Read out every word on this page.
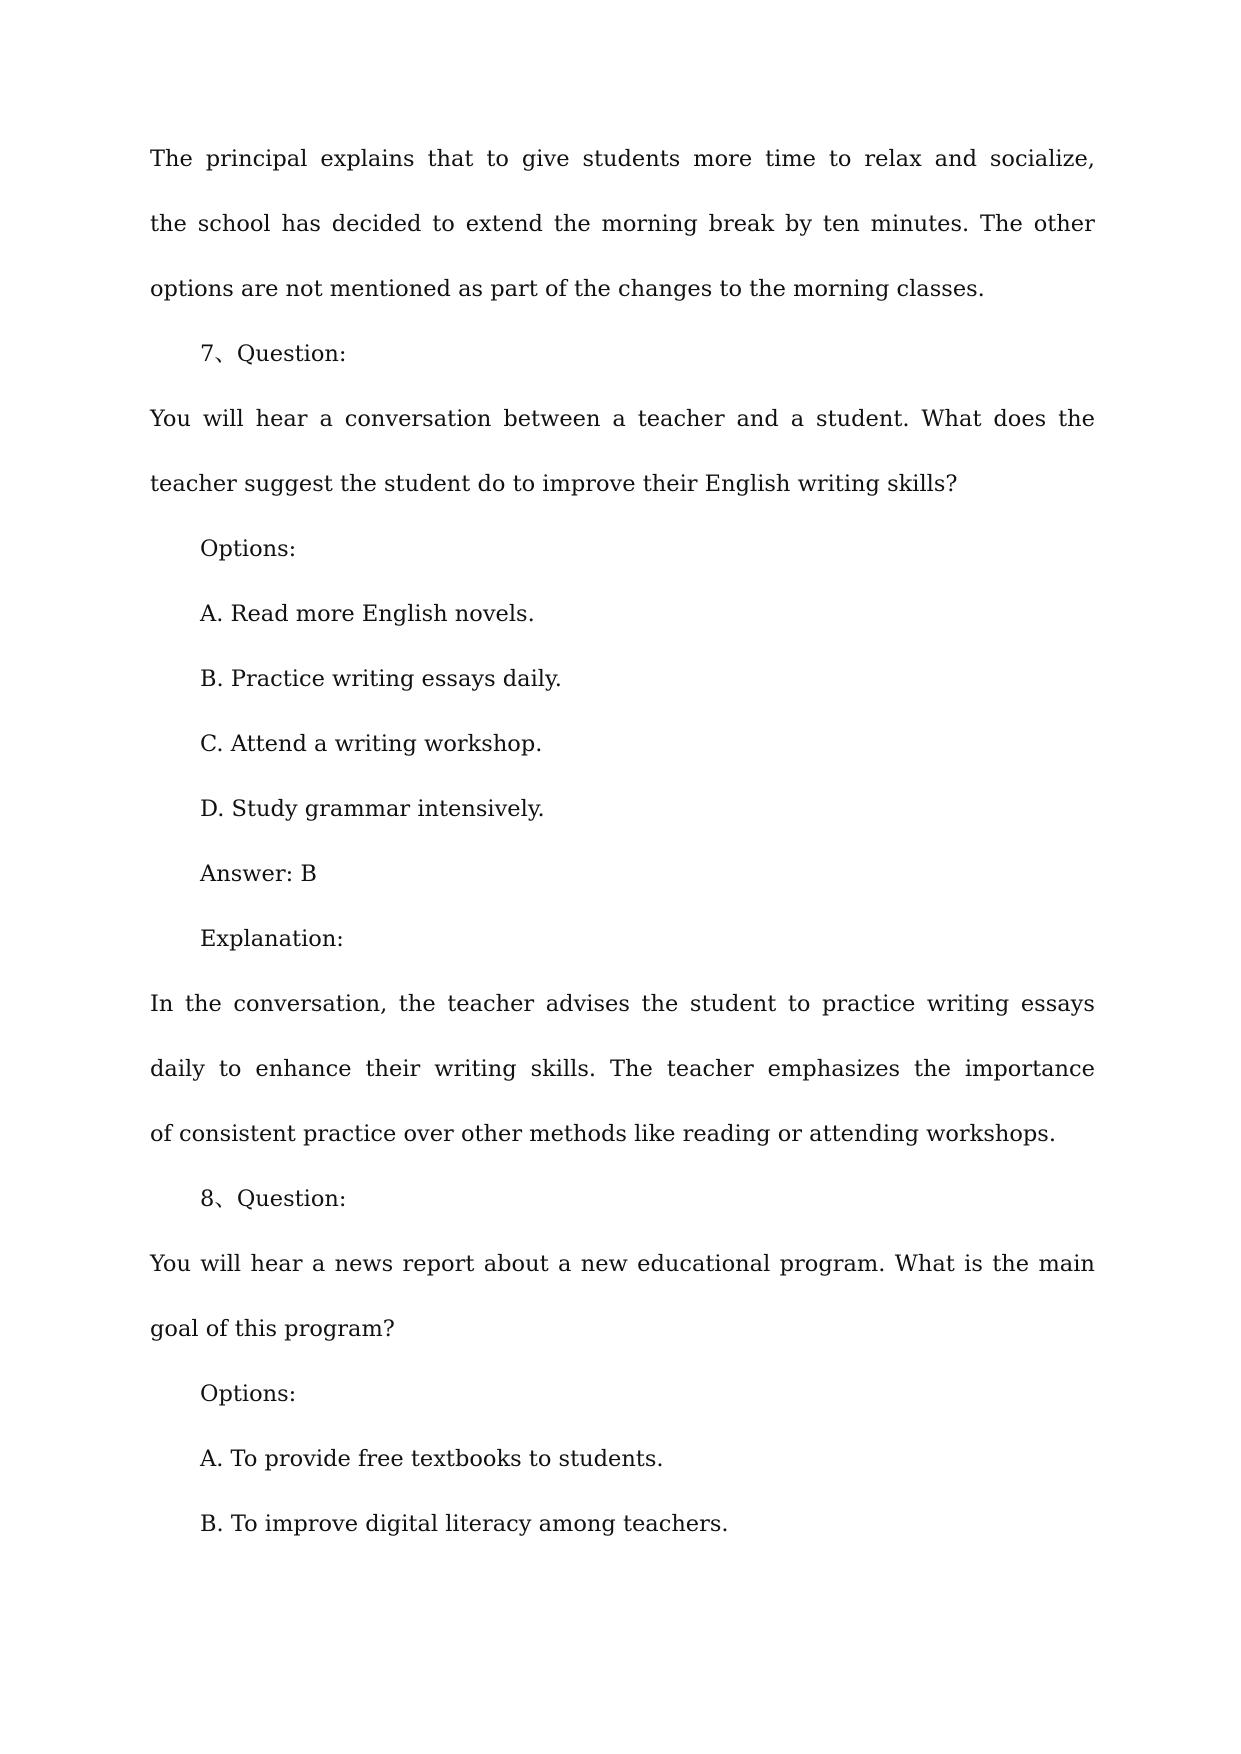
The principal explains that to give students more time to relax and socialize,
the school has decided to extend the morning break by ten minutes. The other
options are not mentioned as part of the changes to the morning classes.
7、Question:
You will hear a conversation between a teacher and a student. What does the
teacher suggest the student do to improve their English writing skills?
Options:
A. Read more English novels.
B. Practice writing essays daily.
C. Attend a writing workshop.
D. Study grammar intensively.
Answer: B
Explanation:
In the conversation, the teacher advises the student to practice writing essays
daily to enhance their writing skills. The teacher emphasizes the importance
of consistent practice over other methods like reading or attending workshops.
8、Question:
You will hear a news report about a new educational program. What is the main
goal of this program?
Options:
A. To provide free textbooks to students.
B. To improve digital literacy among teachers.
